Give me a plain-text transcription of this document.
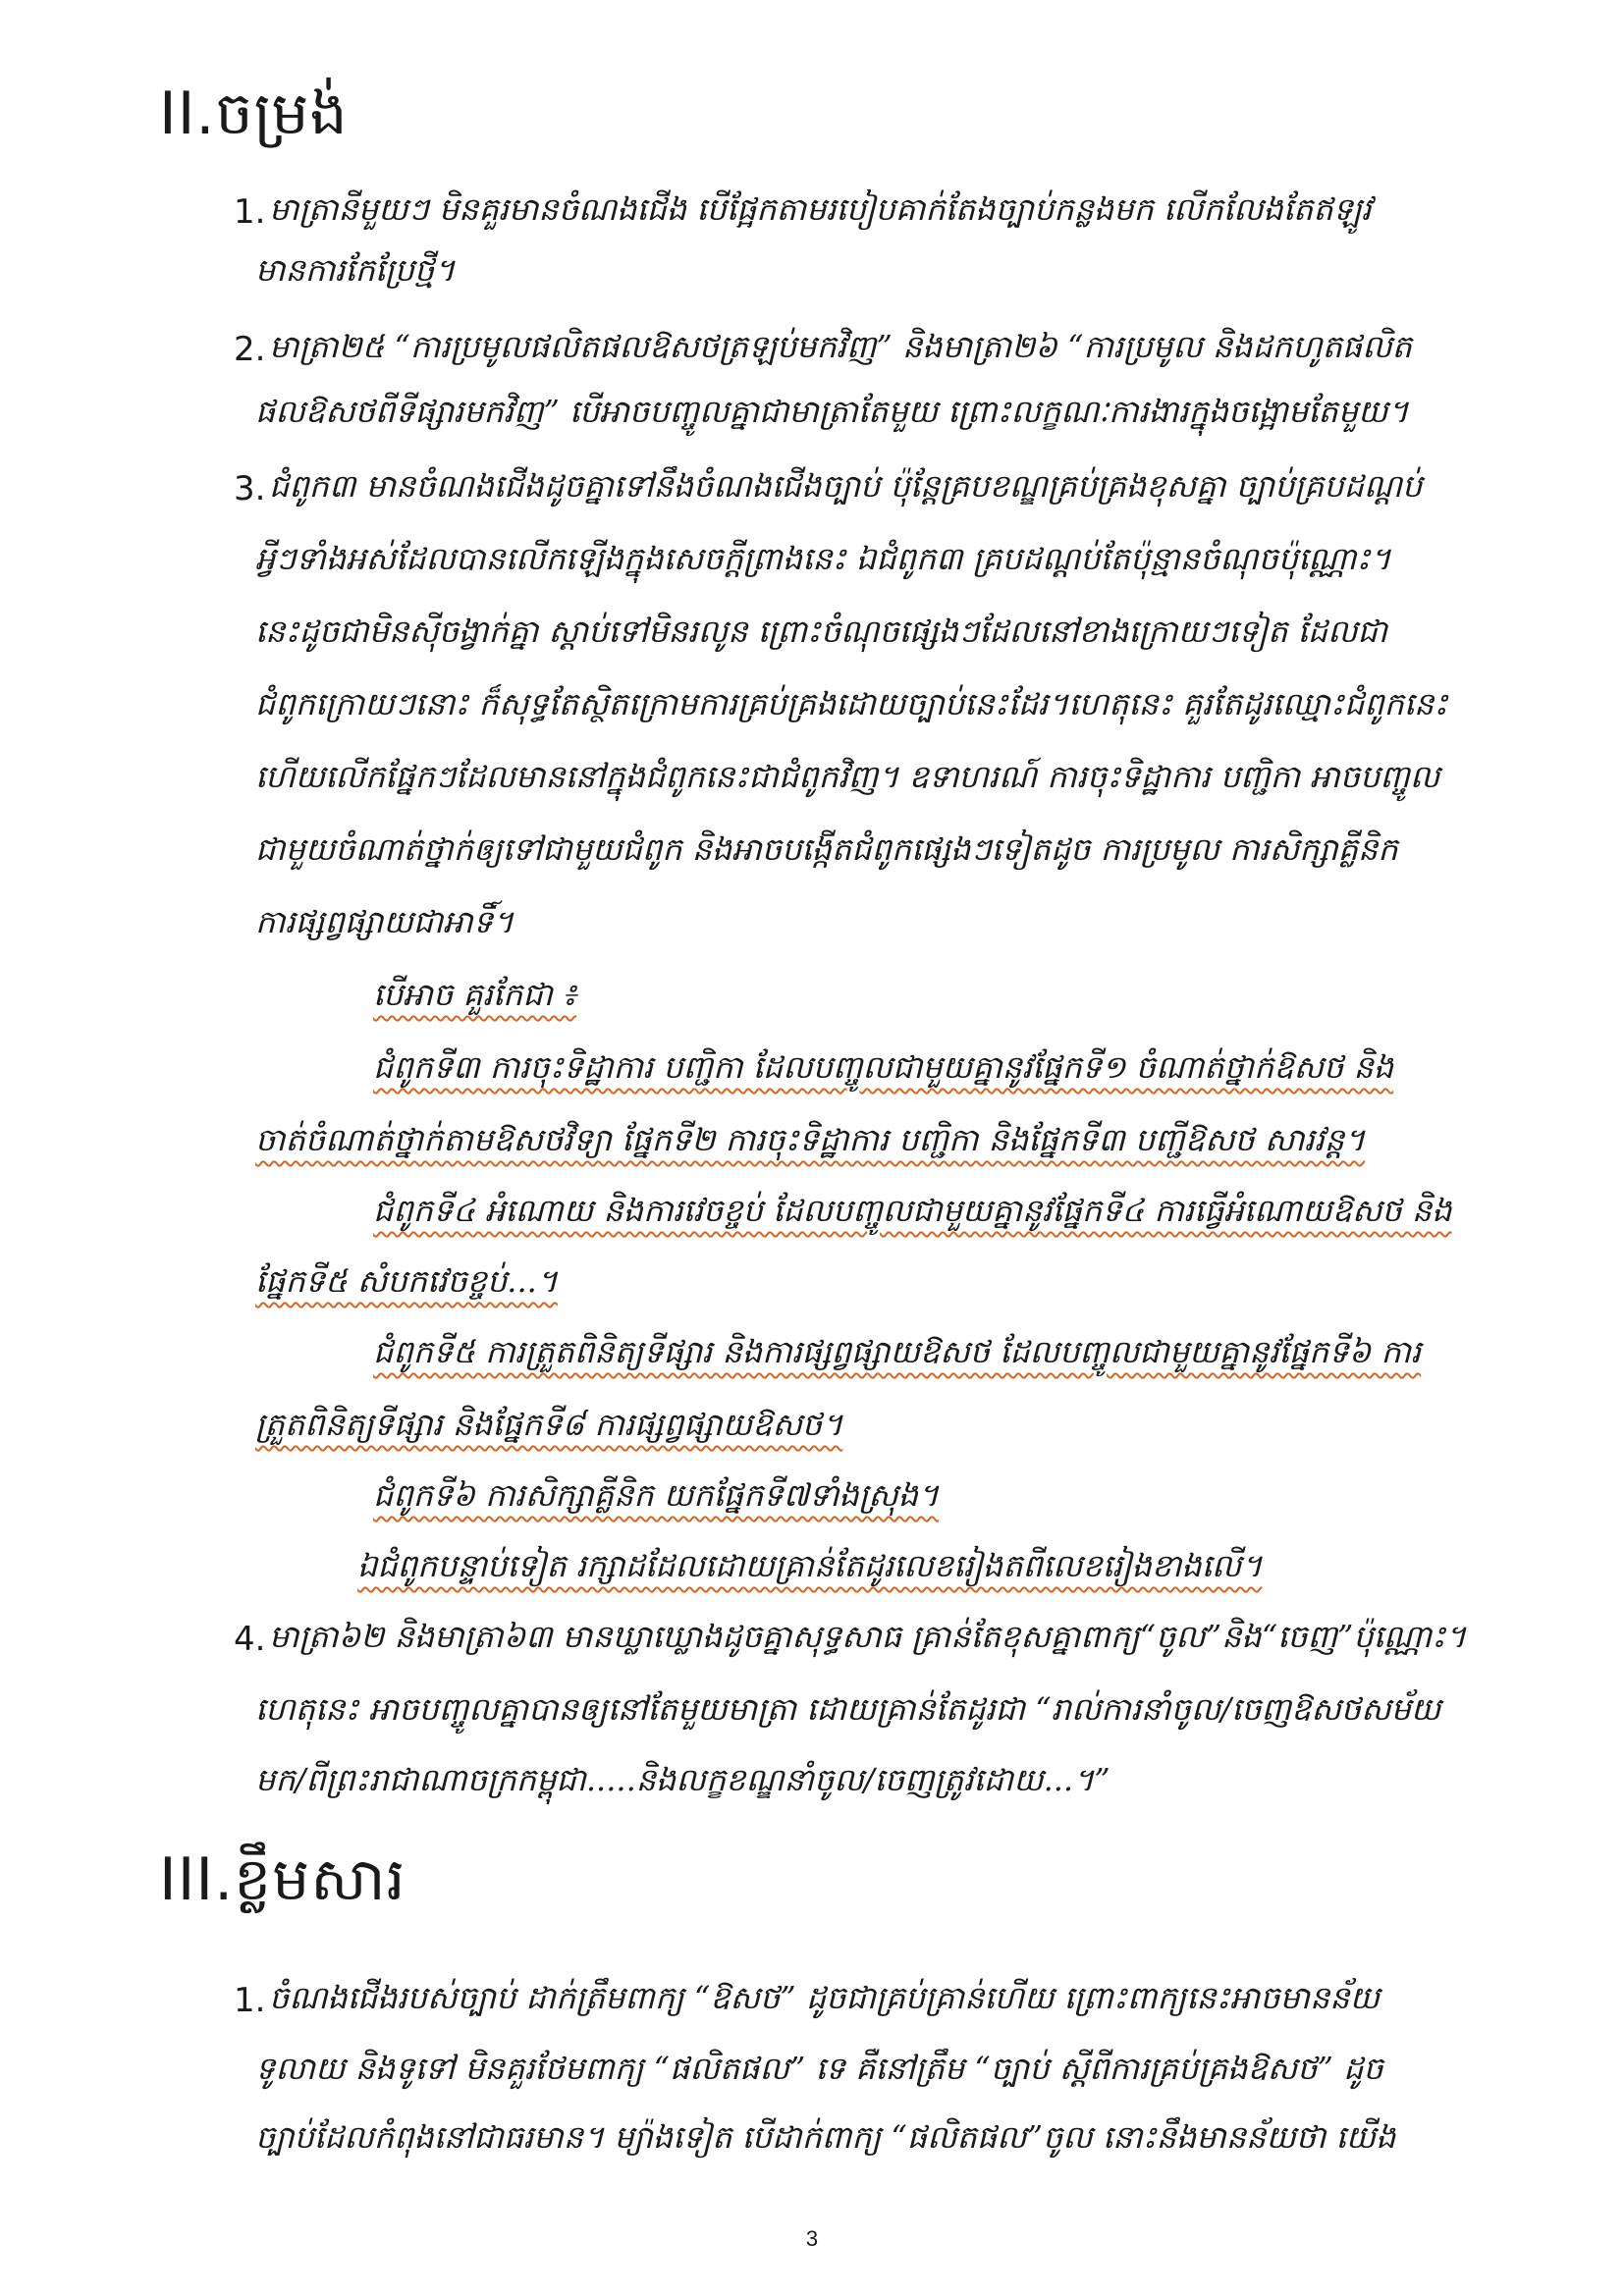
II.ចម្រង់
1. មាត្រានីមួយៗ មិនគួរមានចំណងជើង បើផ្អែកតាមរបៀបគាក់តែងច្បាប់កន្លងមក លើកលែងតែឥឡូវ
មានការកែប្រែថ្មី។
2. មាត្រា២៥ “ការប្រមូលផលិតផលឱសថត្រឡប់មកវិញ” និងមាត្រា២៦ “ការប្រមូល និងដកហូតផលិត
ផលឱសថពីទីផ្សារមកវិញ” បើអាចបញ្ចូលគ្នាជាមាត្រាតែមួយ ព្រោះលក្ខណៈការងារក្នុងចង្អោមតែមួយ។
3. ជំពូក៣ មានចំណងជើងដូចគ្នាទៅនឹងចំណងជើងច្បាប់ ប៉ុន្តែគ្របខណ្ឌគ្រប់គ្រងខុសគ្នា ច្បាប់គ្របដណ្ដប់
អ្វីៗទាំងអស់ដែលបានលើកឡើងក្នុងសេចក្តីព្រាងនេះ ឯជំពូក៣ គ្របដណ្ដប់តែប៉ុន្មានចំណុចប៉ុណ្ណោះ។
នេះដូចជាមិនស៊ីចង្វាក់គ្នា ស្តាប់ទៅមិនរលូន ព្រោះចំណុចផ្សេងៗដែលនៅខាងក្រោយៗទៀត ដែលជា
ជំពូកក្រោយៗនោះ ក៏សុទ្ធតែស្ថិតក្រោមការគ្រប់គ្រងដោយច្បាប់នេះដែរ។ហេតុនេះ គួរតែដូរឈ្មោះជំពូកនេះ
ហើយលើកផ្នែកៗដែលមាននៅក្នុងជំពូកនេះជាជំពូកវិញ។ ឧទាហរណ៍ ការចុះទិដ្ឋាការ បញ្ជិកា អាចបញ្ចូល
ជាមួយចំណាត់ថ្នាក់ឲ្យទៅជាមួយជំពូក និងអាចបង្កើតជំពូកផ្សេងៗទៀតដូច ការប្រមូល ការសិក្សាគ្លីនិក
ការផ្សព្វផ្សាយជាអាទិ៍។
បើអាច គួរកែជា ៖
ជំពូកទី៣ ការចុះទិដ្ឋាការ បញ្ជិកា ដែលបញ្ចូលជាមួយគ្នានូវផ្នែកទី១ ចំណាត់ថ្នាក់ឱសថ និង
ចាត់ចំណាត់ថ្នាក់តាមឱសថវិទ្យា ផ្នែកទី២ ការចុះទិដ្ឋាការ បញ្ជិកា និងផ្នែកទី៣ បញ្ជីឱសថ សារវន្ត។
ជំពូកទី៤ អំណោយ និងការវេចខ្ចប់ ដែលបញ្ចូលជាមួយគ្នានូវផ្នែកទី៤ ការធ្វើអំណោយឱសថ និង
ផ្នែកទី៥ សំបកវេចខ្ចប់...។
ជំពូកទី៥ ការត្រួតពិនិត្យទីផ្សារ និងការផ្សព្វផ្សាយឱសថ ដែលបញ្ចូលជាមួយគ្នានូវផ្នែកទី៦ ការ
ត្រួតពិនិត្យទីផ្សារ និងផ្នែកទី៨ ការផ្សព្វផ្សាយឱសថ។
ជំពូកទី៦ ការសិក្សាគ្លីនិក យកផ្នែកទី៧ទាំងស្រុង។
ឯជំពូកបន្ទាប់ទៀត រក្សាដដែលដោយគ្រាន់តែដូរលេខរៀងតពីលេខរៀងខាងលើ។
4. មាត្រា៦២ និងមាត្រា៦៣ មានឃ្លាឃ្លោងដូចគ្នាសុទ្ធសាធ គ្រាន់តែខុសគ្នាពាក្យ“ចូល”និង“ចេញ”ប៉ុណ្ណោះ។
ហេតុនេះ អាចបញ្ចូលគ្នាបានឲ្យនៅតែមួយមាត្រា ដោយគ្រាន់តែដូរជា “រាល់ការនាំចូល/ចេញឱសថសម័យ
មក/ពីព្រះរាជាណាចក្រកម្ពុជា.....និងលក្ខខណ្ឌនាំចូល/ចេញត្រូវដោយ...។”
III.ខ្លឹមសារ
1. ចំណងជើងរបស់ច្បាប់ ដាក់ត្រឹមពាក្យ “ឱសថ” ដូចជាគ្រប់គ្រាន់ហើយ ព្រោះពាក្យនេះអាចមានន័យ
ទូលាយ និងទូទៅ មិនគួរថែមពាក្យ “ផលិតផល” ទេ គឺនៅត្រឹម “ច្បាប់ ស្តីពីការគ្រប់គ្រងឱសថ” ដូច
ច្បាប់ដែលកំពុងនៅជាធរមាន។ ម្យ៉ាងទៀត បើដាក់ពាក្យ “ផលិតផល”ចូល នោះនឹងមានន័យថា យើង
3
